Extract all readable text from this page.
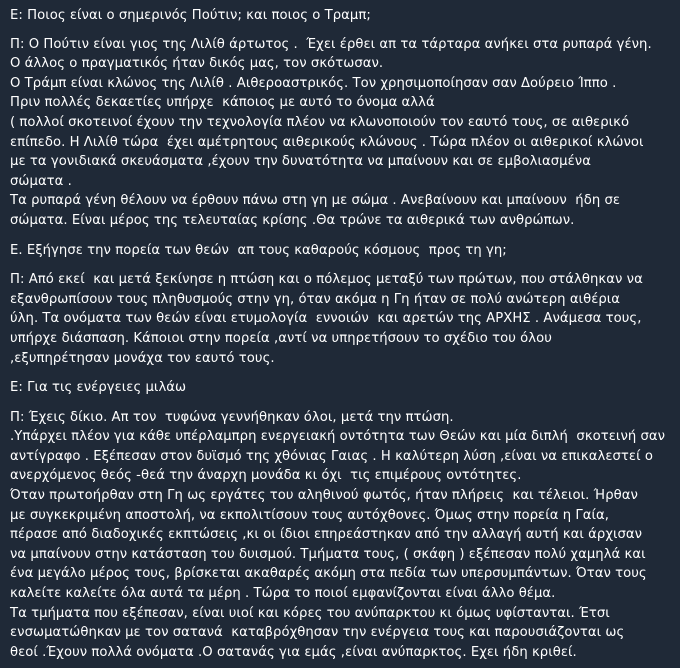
Ε: Ποιος είναι ο σημερινός Πούτιν; και ποιος ο Τραμπ;
Π: Ο Πούτιν είναι γιος της Λιλίθ άρτωτος .  Έχει έρθει απ τα τάρταρα ανήκει στα ρυπαρά γένη.
Ο άλλος ο πραγματικός ήταν δικός μας, τον σκότωσαν.
Ο Τράμπ είναι κλώνος της Λιλίθ . Αιθεροαστρικός. Τον χρησιμοποίησαν σαν Δούρειο Ίππο .
Πριν πολλές δεκαετίες υπήρχε  κάποιος με αυτό το όνομα αλλά
( πολλοί σκοτεινοί έχουν την τεχνολογία πλέον να κλωνοποιούν τον εαυτό τους, σε αιθερικό
επίπεδο. Η Λιλίθ τώρα  έχει αμέτρητους αιθερικούς κλώνους . Τώρα πλέον οι αιθερικοί κλώνοι
με τα γονιδιακά σκευάσματα ,έχουν την δυνατότητα να μπαίνουν και σε εμβολιασμένα
σώματα .
Τα ρυπαρά γένη θέλουν να έρθουν πάνω στη γη με σώμα . Ανεβαίνουν και μπαίνουν  ήδη σε
σώματα. Είναι μέρος της τελευταίας κρίσης .Θα τρώνε τα αιθερικά των ανθρώπων.
Ε. Εξήγησε την πορεία των θεών  απ τους καθαρούς κόσμους  προς τη γη;
Π: Από εκεί  και μετά ξεκίνησε η πτώση και ο πόλεμος μεταξύ των πρώτων, που στάλθηκαν να
εξανθρωπίσουν τους πληθυσμούς στην γη, όταν ακόμα η Γη ήταν σε πολύ ανώτερη αιθέρια
ύλη. Τα ονόματα των θεών είναι ετυμολογία  εννοιών  και αρετών της ΑΡΧΗΣ . Ανάμεσα τους,
υπήρχε διάσπαση. Κάποιοι στην πορεία ,αντί να υπηρετήσουν το σχέδιο του όλου
,εξυπηρέτησαν μονάχα τον εαυτό τους.
Ε: Για τις ενέργειες μιλάω
Π: Έχεις δίκιο. Απ τον  τυφώνα γεννήθηκαν όλοι, μετά την πτώση.
.Υπάρχει πλέον για κάθε υπέρλαμπρη ενεργειακή οντότητα των Θεών και μία διπλή  σκοτεινή σαν
αντίγραφο . Εξέπεσαν στον δυϊσμό της χθόνιας Γαιας . Η καλύτερη λύση ,είναι να επικαλεστεί ο
ανερχόμενος θεός -θεά την άναρχη μονάδα κι όχι  τις επιμέρους οντότητες.
Όταν πρωτοήρθαν στη Γη ως εργάτες του αληθινού φωτός, ήταν πλήρεις  και τέλειοι. Ήρθαν
με συγκεκριμένη αποστολή, να εκπολιτίσουν τους αυτόχθονες. Όμως στην πορεία η Γαία,
πέρασε από διαδοχικές εκπτώσεις ,κι οι ίδιοι επηρεάστηκαν από την αλλαγή αυτή και άρχισαν
να μπαίνουν στην κατάσταση του δυισμού. Τμήματα τους, ( σκάφη ) εξέπεσαν πολύ χαμηλά και
ένα μεγάλο μέρος τους, βρίσκεται ακαθαρές ακόμη στα πεδία των υπερσυμπάντων. Όταν τους
καλείτε καλείτε όλα αυτά τα μέρη . Τώρα το ποιοί εμφανίζονται είναι άλλο θέμα.
Τα τμήματα που εξέπεσαν, είναι υιοί και κόρες του ανύπαρκτου κι όμως υφίστανται. Έτσι
ενσωματώθηκαν με τον σατανά  καταβρόχθησαν την ενέργεια τους και παρουσιάζονται ως
θεοί .Έχουν πολλά ονόματα .Ο σατανάς για εμάς ,είναι ανύπαρκτος. Εχει ήδη κριθεί.
